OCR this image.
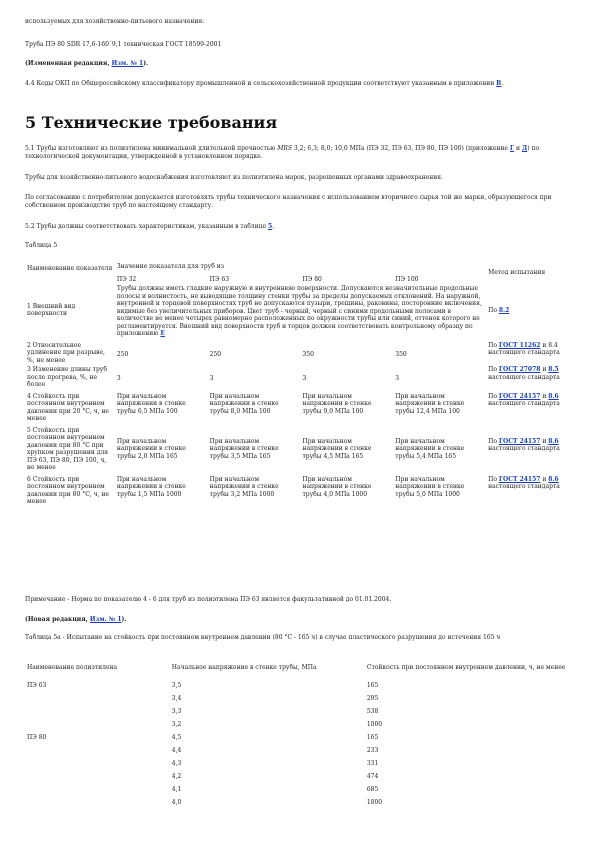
используемых для хозяйственно-питьевого назначения:

Труба ПЭ 80 SDR 17,6-160´9,1 техническая ГОСТ 18599-2001

(Измененная редакция, Изм. № 1).

4.4 Коды ОКП по Общероссийскому классификатору промышленной и сельскохозяйственной продукции соответствуют указанным в приложении В.

5 Технические требования

5.1 Трубы изготовляют из полиэтилена минимальной длительной прочностью MRS 3,2; 6,3; 8,0; 10,0 МПа (ПЭ 32, ПЭ 63, ПЭ 80, ПЭ 100) (приложение Г и Д) по технологической документации, утвержденной в установленном порядке.

Трубы для хозяйственно-питьевого водоснабжения изготовляют из полиэтилена марок, разрешенных органами здравоохранения.

По согласованию с потребителем допускается изготовлять трубы технического назначения с использованием вторичного сырья той же марки, образующегося при собственном производстве труб по настоящему стандарту.

5.2 Трубы должны соответствовать характеристикам, указанным в таблице 5.

Таблица 5

Наименование показателя	Значение показателя для труб из				Метод испытания
	ПЭ 32	ПЭ 63	ПЭ 80	ПЭ 100	
1 Внешний вид поверхности	Трубы должны иметь гладкие наружную и внутреннюю поверхности. Допускаются незначительные продольные полосы и волнистость, не выводящие толщину стенки трубы за пределы допускаемых отклонений. На наружной, внутренней и торцевой поверхностях труб не допускаются пузыри, трещины, раковины, посторонние включения, видимые без увеличительных приборов. Цвет труб - черный, черный с синими продольными полосами в количестве не менее четырех равномерно расположенных по окружности трубы или синий, оттенок которого не регламентируется. Внешний вид поверхности труб и торцов должен соответствовать контрольному образцу по приложению Е				По 8.2
2 Относительное удлинение при разрыве, %, не менее	250	250	350	350	По ГОСТ 11262 и 8.4 настоящего стандарта
3 Изменение длины труб после прогрева, %, не более	3	3	3	3	По ГОСТ 27078 и 8.5 настоящего стандарта
4 Стойкость при постоянном внутреннем давлении при 20 °С, ч, не менее	При начальном напряжении в стенке трубы 6,5 МПа 100	При начальном напряжении в стенке трубы 8,0 МПа 100	При начальном напряжении в стенке трубы 9,0 МПа 100	При начальном напряжении в стенке трубы 12,4 МПа 100	По ГОСТ 24157 и 8.6 настоящего стандарта
5 Стойкость при постоянном внутреннем давлении при 80 °С при хрупком разрушении для ПЭ 63, ПЭ 80, ПЭ 100, ч, не менее	При начальном напряжении в стенке трубы 2,0 МПа 165	При начальном напряжении в стенке трубы 3,5 МПа 165	При начальном напряжении в стенке трубы 4,5 МПа 165	При начальном напряжении в стенке трубы 5,4 МПа 165	По ГОСТ 24157 и 8.6 настоящего стандарта
6 Стойкость при постоянном внутреннем давлении при 80 °С, ч, не менее	При начальном напряжении в стенке трубы 1,5 МПа 1000	При начальном напряжении в стенке трубы 3,2 МПа 1000	При начальном напряжении в стенке трубы 4,0 МПа 1000	При начальном напряжении в стенке трубы 5,0 МПа 1000	По ГОСТ 24157 и 8.6 настоящего стандарта

Примечание - Норма по показателю 4 - 6 для труб из полиэтилена ПЭ 63 является факультативной до 01.01.2004.

(Новая редакция, Изм. № 1).

Таблица 5а - Испытание на стойкость при постоянном внутреннем давлении (80 °С - 165 ч) в случае пластического разрушения до истечения 165 ч

Наименование полиэтилена	Начальное напряжение в стенке трубы, МПа	Стойкость при постоянном внутреннем давлении, ч, не менее
ПЭ 63	3,5	165
	3,4	295
	3,3	538
	3,2	1000
ПЭ 80	4,5	165
	4,4	233
	4,3	331
	4,2	474
	4,1	685
	4,0	1000
